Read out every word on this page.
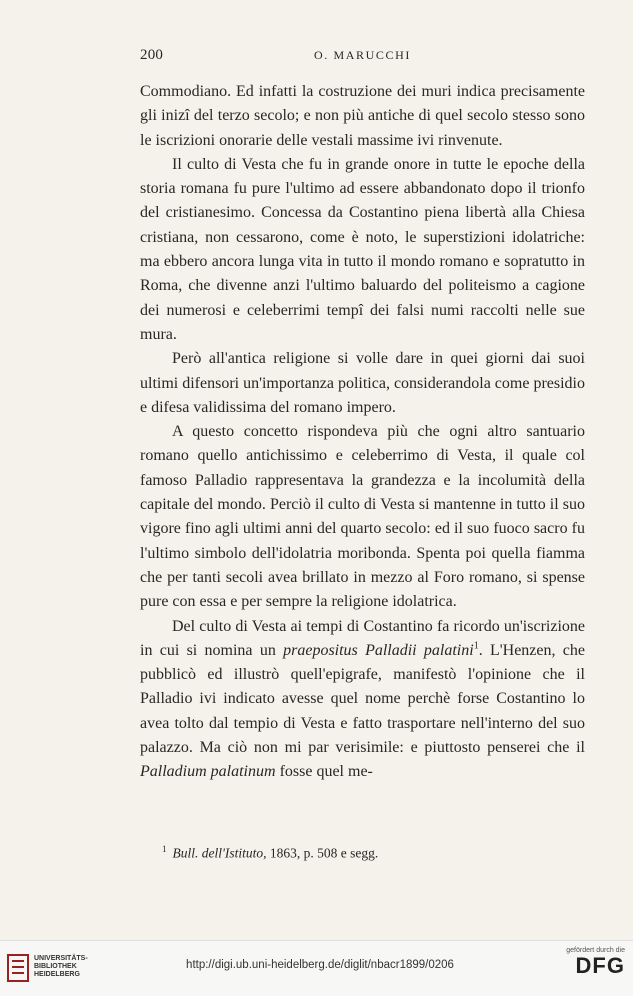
200	O. MARUCCHI

Commodiano. Ed infatti la costruzione dei muri indica precisamente gli inizî del terzo secolo; e non più antiche di quel secolo stesso sono le iscrizioni onorarie delle vestali massime ivi rinvenute.

Il culto di Vesta che fu in grande onore in tutte le epoche della storia romana fu pure l'ultimo ad essere abbandonato dopo il trionfo del cristianesimo. Concessa da Costantino piena libertà alla Chiesa cristiana, non cessarono, come è noto, le superstizioni idolatriche: ma ebbero ancora lunga vita in tutto il mondo romano e sopratutto in Roma, che divenne anzi l'ultimo baluardo del politeismo a cagione dei numerosi e celeberrimi tempî dei falsi numi raccolti nelle sue mura.

Però all'antica religione si volle dare in quei giorni dai suoi ultimi difensori un'importanza politica, considerandola come presidio e difesa validissima del romano impero.

A questo concetto rispondeva più che ogni altro santuario romano quello antichissimo e celeberrimo di Vesta, il quale col famoso Palladio rappresentava la grandezza e la incolumità della capitale del mondo. Perciò il culto di Vesta si mantenne in tutto il suo vigore fino agli ultimi anni del quarto secolo: ed il suo fuoco sacro fu l'ultimo simbolo dell'idolatria moribonda. Spenta poi quella fiamma che per tanti secoli avea brillato in mezzo al Foro romano, si spense pure con essa e per sempre la religione idolatrica.

Del culto di Vesta ai tempi di Costantino fa ricordo un'iscrizione in cui si nomina un praepositus Palladii palatini$^1$. L'Henzen, che pubblicò ed illustrò quell'epigrafe, manifestò l'opinione che il Palladio ivi indicato avesse quel nome perchè forse Costantino lo avea tolto dal tempio di Vesta e fatto trasportare nell'interno del suo palazzo. Ma ciò non mi par verisimile: e piuttosto penserei che il Palladium palatinum fosse quel me-

$^1$ Bull. dell'Istituto, 1863, p. 508 e segg.
UNIVERSITÄTS-
BIBLIOTHEK
HEIDELBERG
http://digi.ub.uni-heidelberg.de/diglit/nbacr1899/0206
gefördert durch die
DFG
